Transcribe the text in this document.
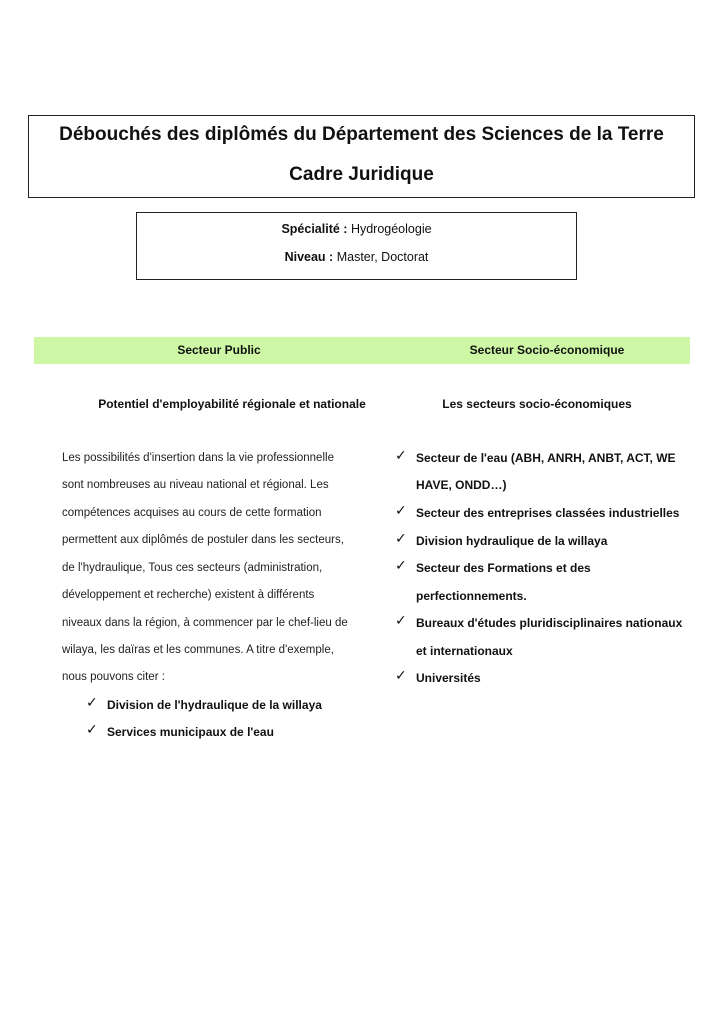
Débouchés des diplômés du Département des Sciences de la Terre
Cadre Juridique
Spécialité : Hydrogéologie
Niveau : Master, Doctorat
Secteur Public	Secteur Socio-économique
Potentiel d'employabilité régionale et nationale	Les secteurs socio-économiques
Les possibilités d'insertion dans la vie professionnelle
sont nombreuses au niveau national et régional. Les
compétences acquises au cours de cette formation
permettent aux diplômés de postuler dans les secteurs,
de l'hydraulique, Tous ces secteurs (administration,
développement et recherche) existent à différents
niveaux dans la région, à commencer par le chef-lieu de
wilaya, les daïras et les communes. A titre d'exemple,
nous pouvons citer :
✓ Division de l'hydraulique de la willaya
✓ Services municipaux de l'eau
✓ Secteur de l'eau (ABH, ANRH, ANBT, ACT, WE
HAVE, ONDD…)
✓ Secteur des entreprises classées industrielles
✓ Division hydraulique de la willaya
✓ Secteur des Formations et des
perfectionnements.
✓ Bureaux d'études pluridisciplinaires nationaux
et internationaux
✓ Universités
